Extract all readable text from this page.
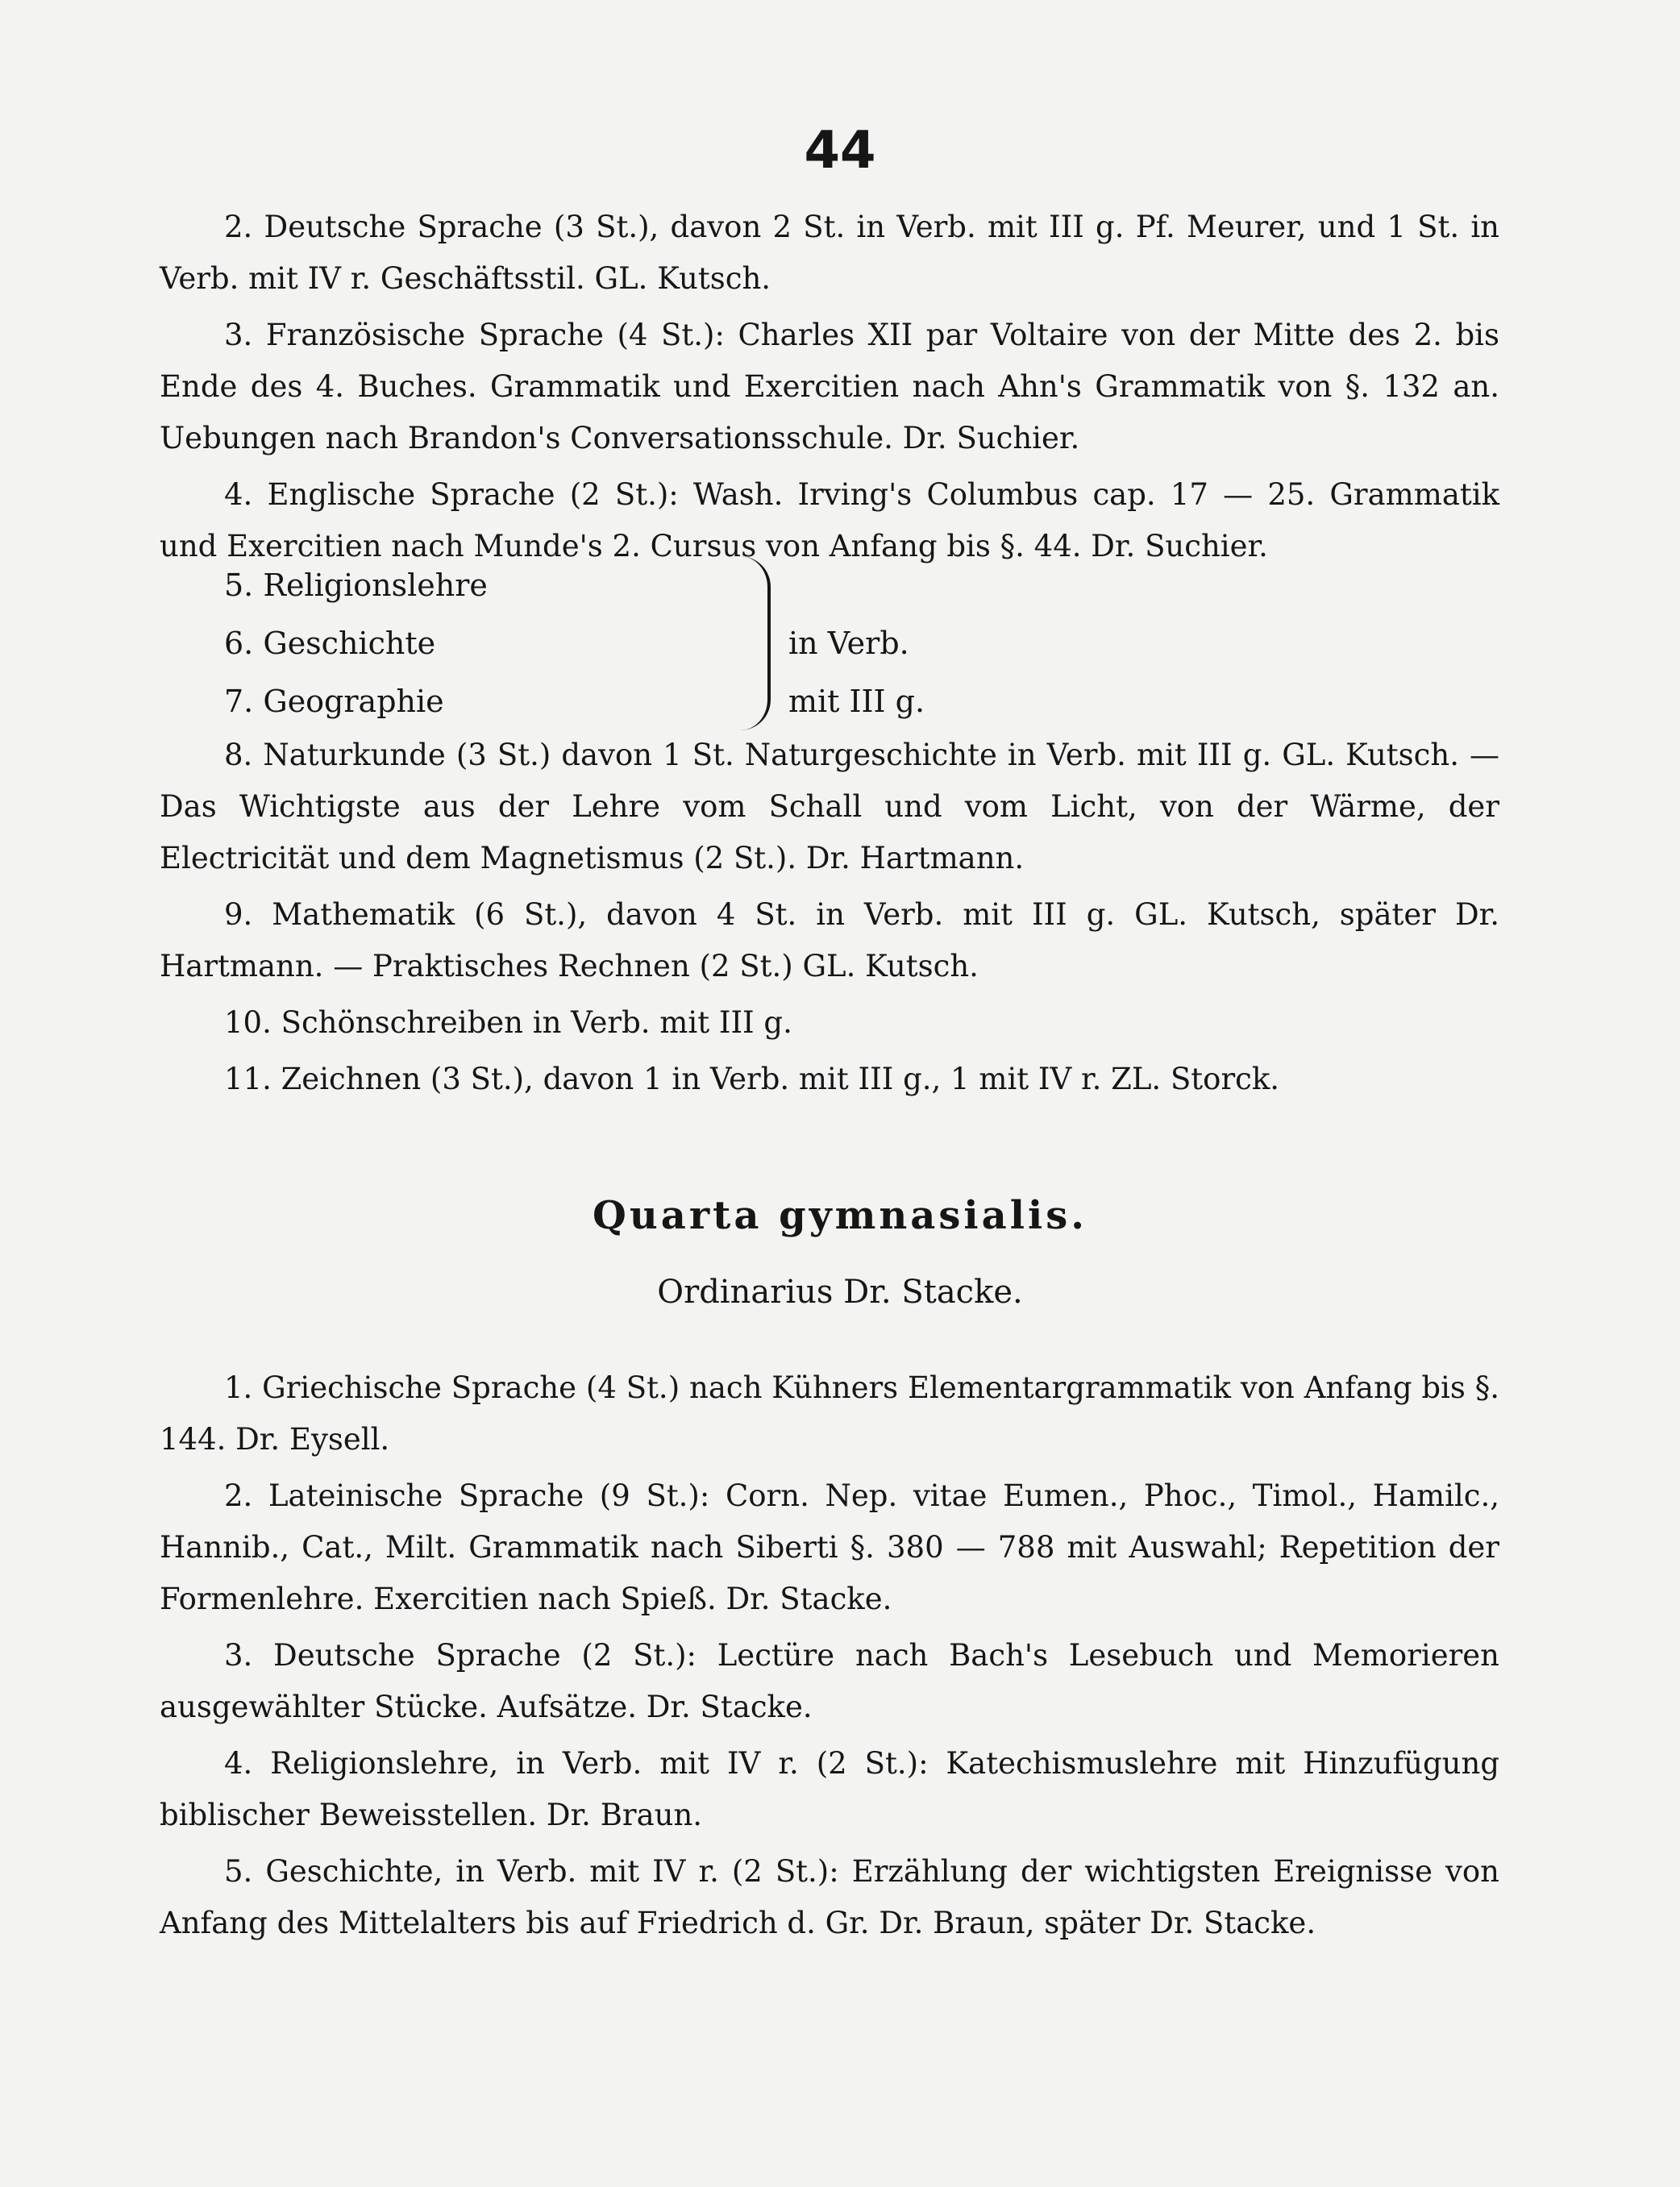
44
2. Deutsche Sprache (3 St.), davon 2 St. in Verb. mit III g. Pf. Meurer, und 1 St. in Verb. mit IV r. Geschäftsstil. GL. Kutsch.
3. Französische Sprache (4 St.): Charles XII par Voltaire von der Mitte des 2. bis Ende des 4. Buches. Grammatik und Exercitien nach Ahn's Grammatik von §. 132 an. Uebungen nach Brandon's Conversationsschule. Dr. Suchier.
4. Englische Sprache (2 St.): Wash. Irving's Columbus cap. 17 — 25. Grammatik und Exercitien nach Munde's 2. Cursus von Anfang bis §. 44. Dr. Suchier.
5. Religionslehre
6. Geschichte
7. Geographie
in Verb. mit III g.
8. Naturkunde (3 St.) davon 1 St. Naturgeschichte in Verb. mit III g. GL. Kutsch. — Das Wichtigste aus der Lehre vom Schall und vom Licht, von der Wärme, der Electricität und dem Magnetismus (2 St.). Dr. Hartmann.
9. Mathematik (6 St.), davon 4 St. in Verb. mit III g. GL. Kutsch, später Dr. Hartmann. — Praktisches Rechnen (2 St.) GL. Kutsch.
10. Schönschreiben in Verb. mit III g.
11. Zeichnen (3 St.), davon 1 in Verb. mit III g., 1 mit IV r. ZL. Storck.
Quarta gymnasialis.
Ordinarius Dr. Stacke.
1. Griechische Sprache (4 St.) nach Kühners Elementargrammatik von Anfang bis §. 144. Dr. Eysell.
2. Lateinische Sprache (9 St.): Corn. Nep. vitae Eumen., Phoc., Timol., Hamilc., Hannib., Cat., Milt. Grammatik nach Siberti §. 380 — 788 mit Auswahl; Repetition der Formenlehre. Exercitien nach Spieß. Dr. Stacke.
3. Deutsche Sprache (2 St.): Lectüre nach Bach's Lesebuch und Memorieren ausgewählter Stücke. Aufsätze. Dr. Stacke.
4. Religionslehre, in Verb. mit IV r. (2 St.): Katechismuslehre mit Hinzufügung biblischer Beweisstellen. Dr. Braun.
5. Geschichte, in Verb. mit IV r. (2 St.): Erzählung der wichtigsten Ereignisse von Anfang des Mittelalters bis auf Friedrich d. Gr. Dr. Braun, später Dr. Stacke.
